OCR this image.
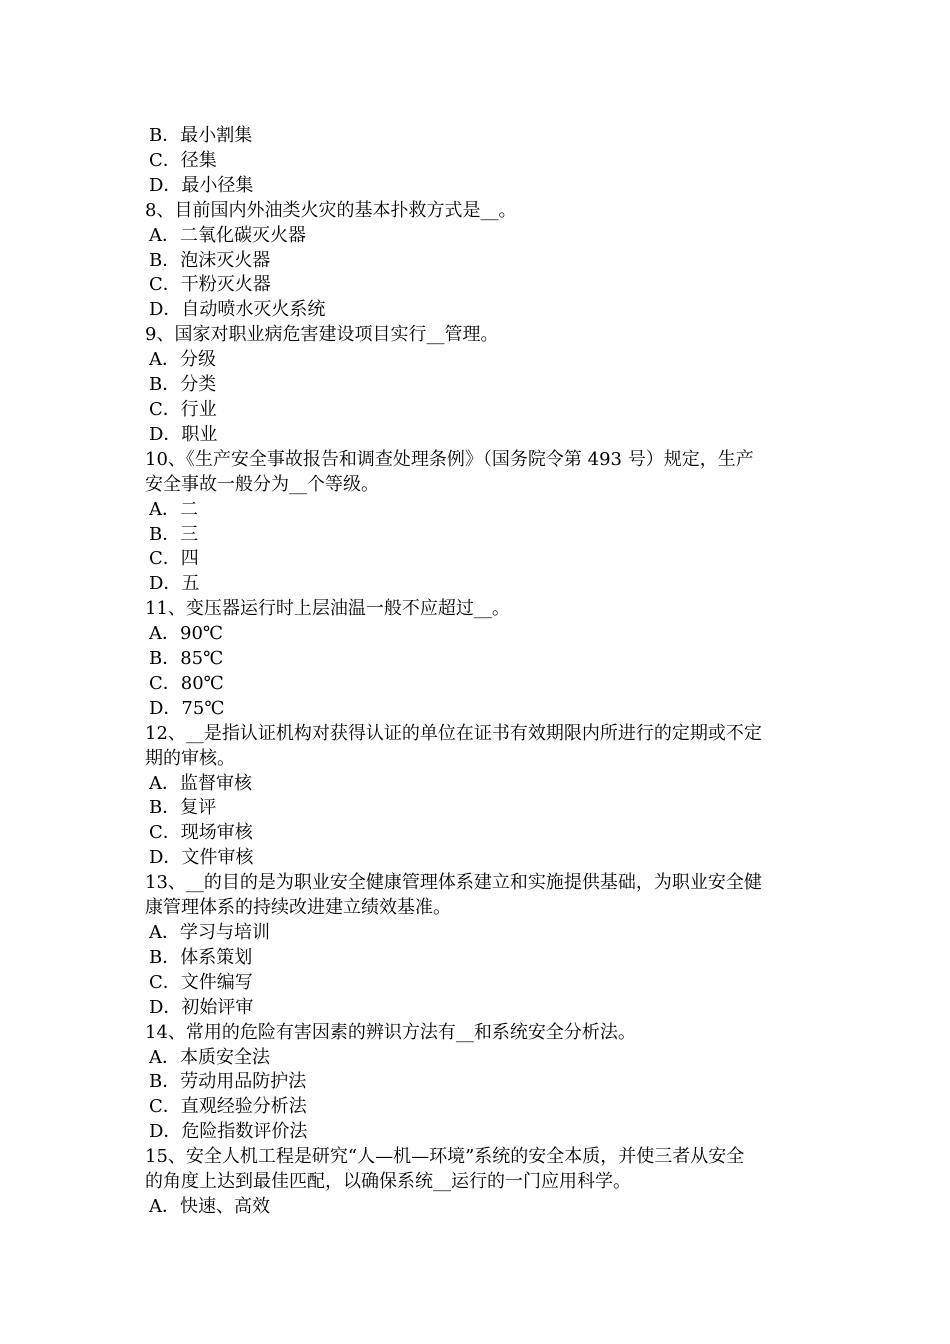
B．最小割集
C．径集
D．最小径集
8、目前国内外油类火灾的基本扑救方式是__。
A．二氧化碳灭火器
B．泡沫灭火器
C．干粉灭火器
D．自动喷水灭火系统
9、国家对职业病危害建设项目实行__管理。
A．分级
B．分类
C．行业
D．职业
10、《生产安全事故报告和调查处理条例》（国务院令第 493 号）规定，生产
安全事故一般分为__个等级。
A．二
B．三
C．四
D．五
11、变压器运行时上层油温一般不应超过__。
A．90℃
B．85℃
C．80℃
D．75℃
12、__是指认证机构对获得认证的单位在证书有效期限内所进行的定期或不定
期的审核。
A．监督审核
B．复评
C．现场审核
D．文件审核
13、__的目的是为职业安全健康管理体系建立和实施提供基础，为职业安全健
康管理体系的持续改进建立绩效基准。
A．学习与培训
B．体系策划
C．文件编写
D．初始评审
14、常用的危险有害因素的辨识方法有__和系统安全分析法。
A．本质安全法
B．劳动用品防护法
C．直观经验分析法
D．危险指数评价法
15、安全人机工程是研究“人—机—环境”系统的安全本质，并使三者从安全
的角度上达到最佳匹配，以确保系统__运行的一门应用科学。
A．快速、高效
